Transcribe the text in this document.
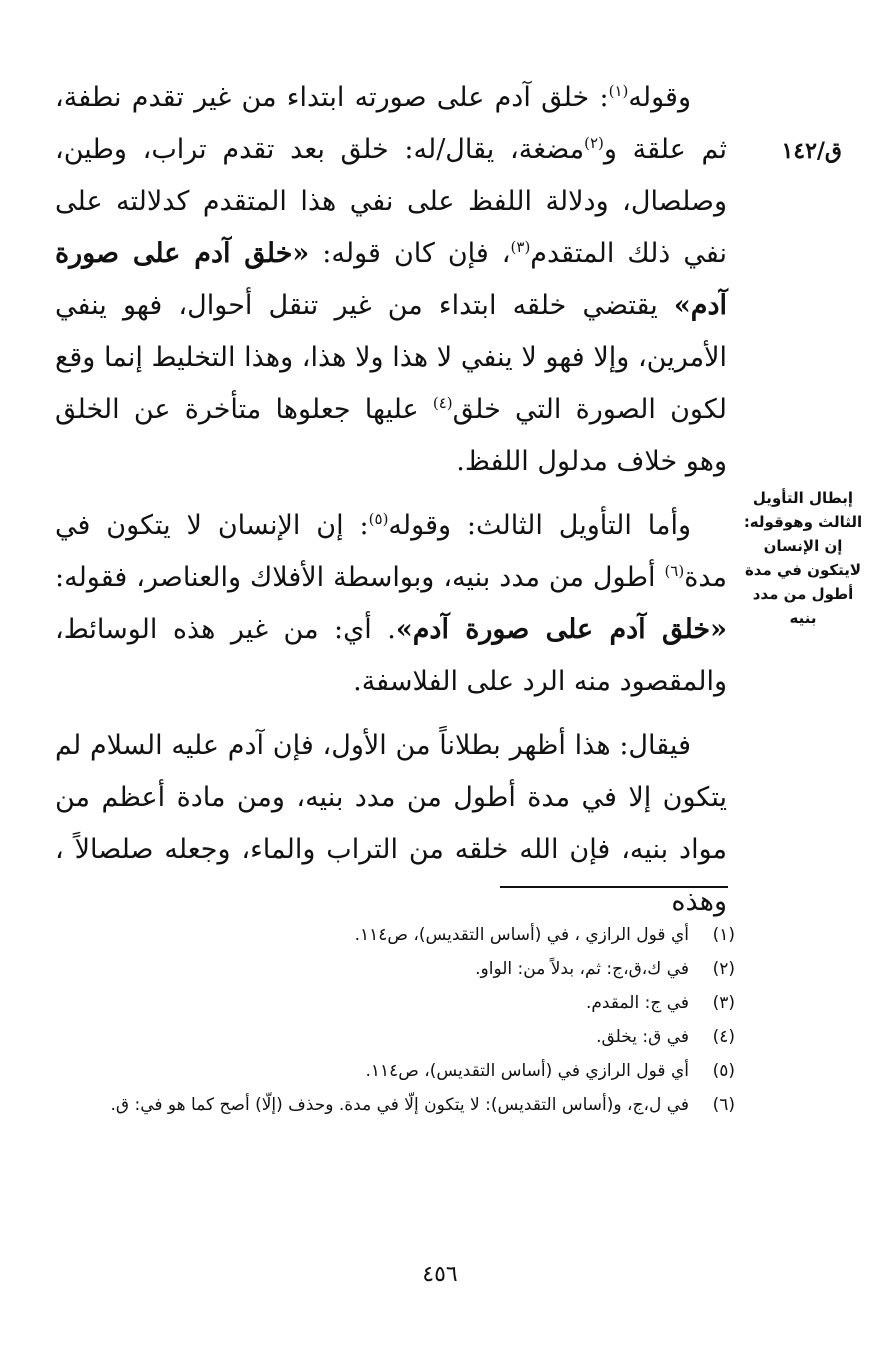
ق/١٤٢
إبطال التأويل الثالث وهوقوله: إن الإنسان لايتكون في مدة أطول من مدد بنيه

وقوله$^{(١)}$: خلق آدم على صورته ابتداء من غير تقدم نطفة، ثم علقة و$^{(٢)}$مضغة، يقال/له: خلق بعد تقدم تراب، وطين، وصلصال، ودلالة اللفظ على نفي هذا المتقدم كدلالته على نفي ذلك المتقدم$^{(٣)}$، فإن كان قوله: «خلق آدم على صورة آدم» يقتضي خلقه ابتداء من غير تنقل أحوال، فهو ينفي الأمرين، وإلا فهو لا ينفي لا هذا ولا هذا، وهذا التخليط إنما وقع لكون الصورة التي خلق$^{(٤)}$ عليها جعلوها متأخرة عن الخلق وهو خلاف مدلول اللفظ.

وأما التأويل الثالث: وقوله$^{(٥)}$: إن الإنسان لا يتكون في مدة$^{(٦)}$ أطول من مدد بنيه، وبواسطة الأفلاك والعناصر، فقوله: «خلق آدم على صورة آدم». أي: من غير هذه الوسائط، والمقصود منه الرد على الفلاسفة.

فيقال: هذا أظهر بطلاناً من الأول، فإن آدم عليه السلام لم يتكون إلا في مدة أطول من مدد بنيه، ومن مادة أعظم من مواد بنيه، فإن الله خلقه من التراب والماء، وجعله صلصالاً ، وهذه

(١)
أي قول الرازي ، في (أساس التقديس)، ص١١٤.
(٢)
في ك،ق،ج: ثم، بدلاً من: الواو.
(٣)
في ج: المقدم.
(٤)
في ق: يخلق.
(٥)
أي قول الرازي في (أساس التقديس)، ص١١٤.
(٦)
في ل،ج، و(أساس التقديس): لا يتكون إلّا في مدة. وحذف (إلّا) أصح كما هو في: ق.
٤٥٦
